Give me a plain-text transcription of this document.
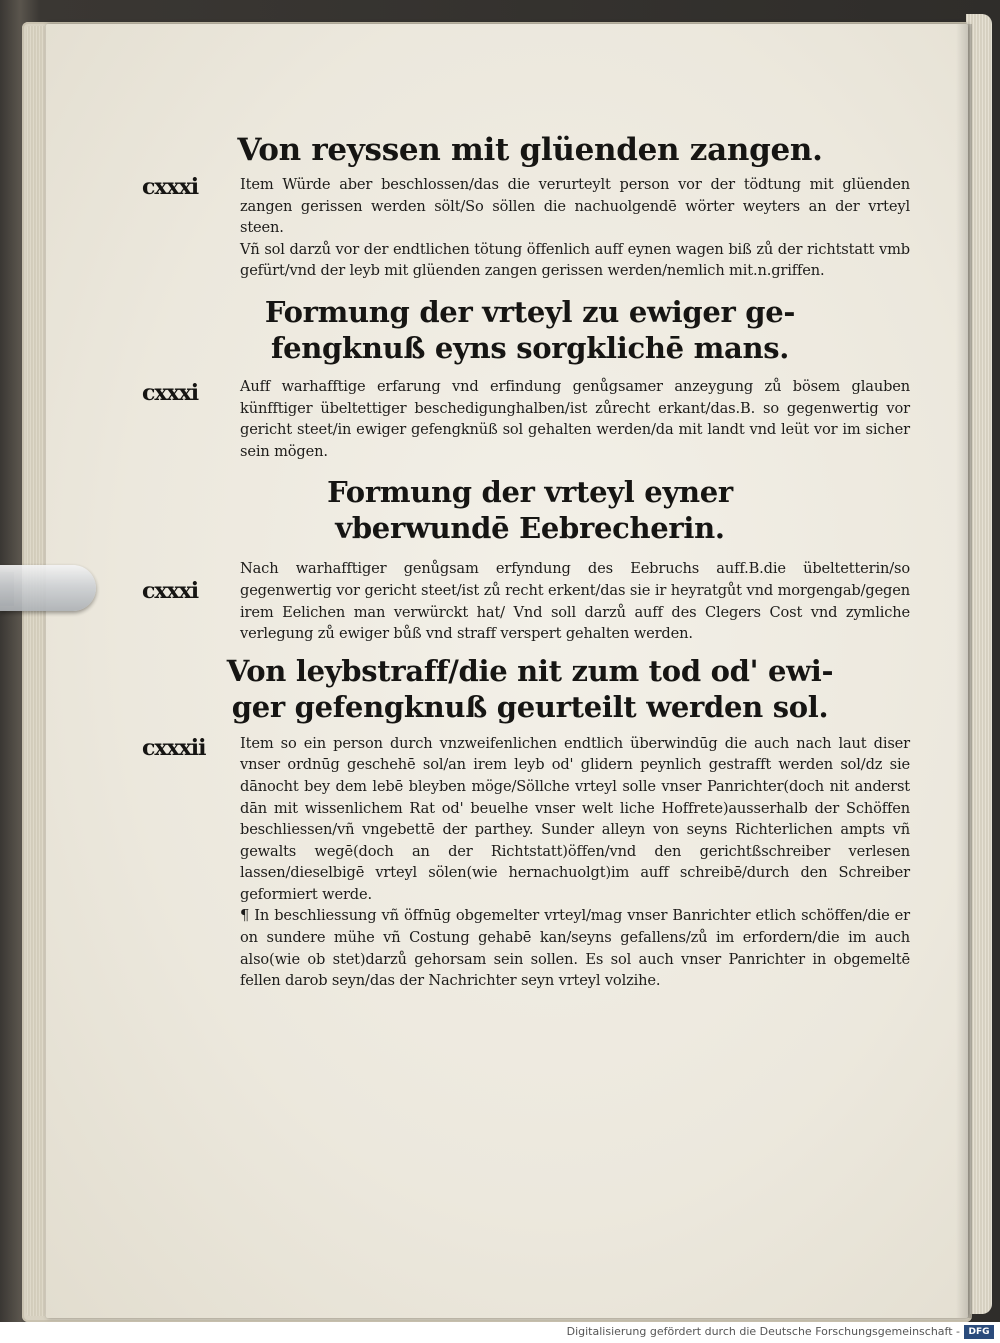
Von reyssen mit glüenden zangen.
cxxxi	Item Würde aber beschlossen/das die verurteylt person vor der tödtung mit glüenden zangen gerissen werden sölt/So söllen die nachuolgendē wörter weyters an der vrteyl steen.

Vñ sol darzů vor der endtlichen tötung öffenlich auff eynen wagen biß zů der richtstatt vmb gefürt/vnd der leyb mit glüenden zangen gerissen werden/nemlich mit.n.griffen.

Formung der vrteyl zu ewiger ge-
fengknuß eyns sorgklichē mans.
cxxxi	Auff warhafftige erfarung vnd erfindung genůgsamer anzeygung zů bösem glauben künfftiger übeltettiger beschedigunghalben/ist zůrecht erkant/das.B. so gegenwertig vor gericht steet/in ewiger gefengknüß sol gehalten werden/da mit landt vnd leüt vor im sicher sein mögen.

Formung der vrteyl eyner
vberwundē Eebrecherin.
cxxxi

Nach warhafftiger genůgsam erfyndung des Eebruchs auff.B.die übeltetterin/so gegenwertig vor gericht steet/ist zů recht erkent/das sie ir heyratgůt vnd morgengab/gegen irem Eelichen man verwürckt hat/ Vnd soll darzů auff des Clegers Cost vnd zymliche verlegung zů ewiger bůß vnd straff verspert gehalten werden.

Von leybstraff/die nit zum tod od' ewi-
ger gefengknuß geurteilt werden sol.
cxxxii Item so ein person durch vnzweifenlichen endtlich überwindūg die auch nach laut diser vnser ordnūg geschehē sol/an irem leyb od' glidern peynlich gestrafft werden sol/dz sie dānocht bey dem lebē bleyben möge/Söllche vrteyl solle vnser Panrichter(doch nit anderst dān mit wissenlichem Rat od' beuelhe vnser welt liche Hoffrete)ausserhalb der Schöffen beschliessen/vñ vngebettē der parthey. Sunder alleyn von seyns Richterlichen ampts vñ gewalts wegē(doch an der Richtstatt)öffen/vnd den gerichtßschreiber verlesen lassen/dieselbigē vrteyl sölen(wie hernachuolgt)im auff schreibē/durch den Schreiber geformiert werde.

¶ In beschliessung vñ öffnūg obgemelter vrteyl/mag vnser Banrichter etlich schöffen/die er on sundere mühe vñ Costung gehabē kan/seyns gefallens/zů im erfordern/die im auch also(wie ob stet)darzů gehorsam sein sollen. Es sol auch vnser Panrichter in obgemeltē fellen darob seyn/das der Nachrichter seyn vrteyl volzihe.

Digitalisierung gefördert durch die Deutsche Forschungsgemeinschaft - DFG
